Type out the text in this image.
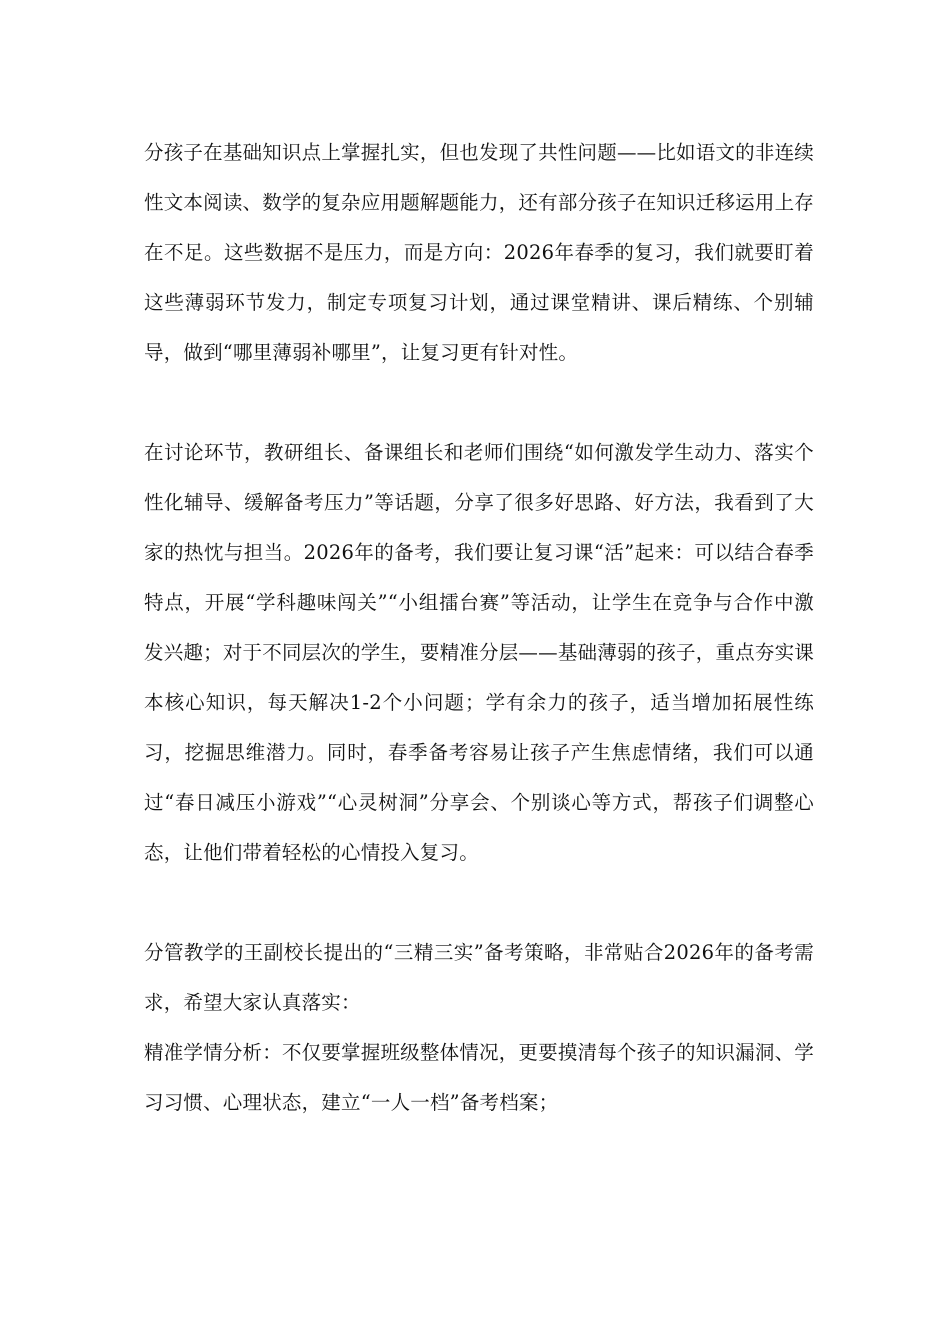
分孩子在基础知识点上掌握扎实，但也发现了共性问题——比如语文的非连续性文本阅读、数学的复杂应用题解题能力，还有部分孩子在知识迁移运用上存在不足。这些数据不是压力，而是方向：2026年春季的复习，我们就要盯着这些薄弱环节发力，制定专项复习计划，通过课堂精讲、课后精练、个别辅导，做到“哪里薄弱补哪里”，让复习更有针对性。

在讨论环节，教研组长、备课组长和老师们围绕“如何激发学生动力、落实个性化辅导、缓解备考压力”等话题，分享了很多好思路、好方法，我看到了大家的热忱与担当。2026年的备考，我们要让复习课“活”起来：可以结合春季特点，开展“学科趣味闯关”“小组擂台赛”等活动，让学生在竞争与合作中激发兴趣；对于不同层次的学生，要精准分层——基础薄弱的孩子，重点夯实课本核心知识，每天解决1-2个小问题；学有余力的孩子，适当增加拓展性练习，挖掘思维潜力。同时，春季备考容易让孩子产生焦虑情绪，我们可以通过“春日减压小游戏”“心灵树洞”分享会、个别谈心等方式，帮孩子们调整心态，让他们带着轻松的心情投入复习。

分管教学的王副校长提出的“三精三实”备考策略，非常贴合2026年的备考需求，希望大家认真落实：

精准学情分析：不仅要掌握班级整体情况，更要摸清每个孩子的知识漏洞、学习习惯、心理状态，建立“一人一档”备考档案；
